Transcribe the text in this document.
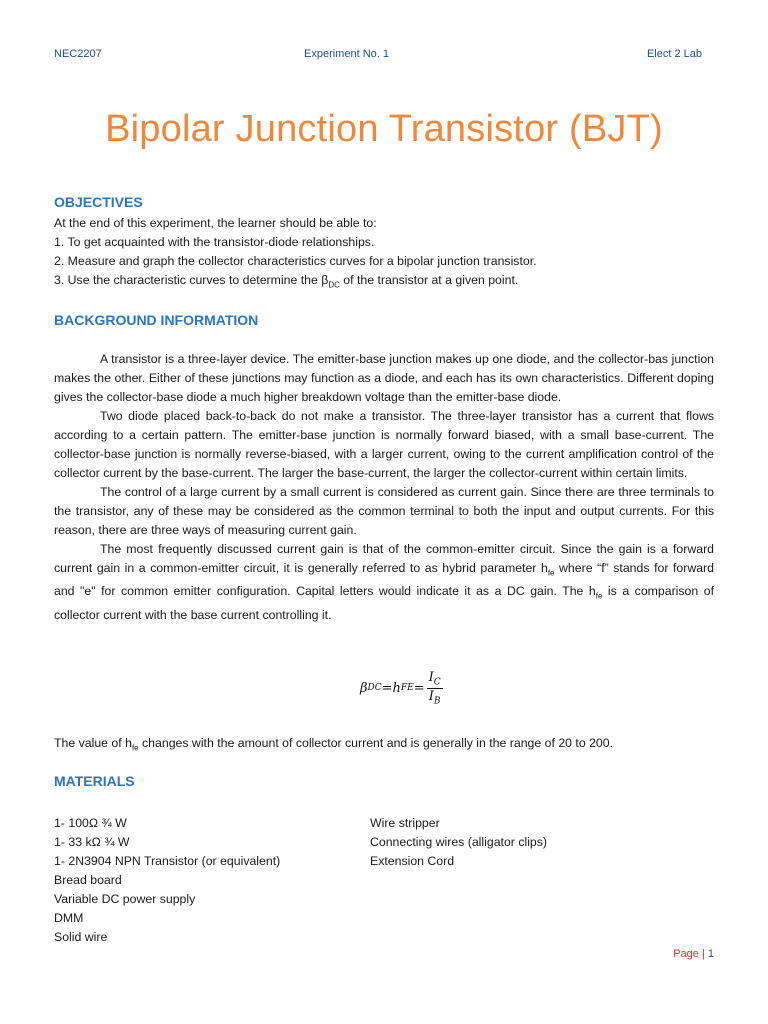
NEC2207	Experiment No. 1	Elect 2 Lab
Bipolar Junction Transistor (BJT)
OBJECTIVES
At the end of this experiment, the learner should be able to:
1. To get acquainted with the transistor-diode relationships.
2. Measure and graph the collector characteristics curves for a bipolar junction transistor.
3. Use the characteristic curves to determine the $\beta_{DC}$ of the transistor at a given point.
BACKGROUND INFORMATION

A transistor is a three-layer device. The emitter-base junction makes up one diode, and the collector-bas junction makes the other. Either of these junctions may function as a diode, and each has its own characteristics. Different doping gives the collector-base diode a much higher breakdown voltage than the emitter-base diode.

Two diode placed back-to-back do not make a transistor. The three-layer transistor has a current that flows according to a certain pattern. The emitter-base junction is normally forward biased, with a small base-current. The collector-base junction is normally reverse-biased, with a larger current, owing to the current amplification control of the collector current by the base-current. The larger the base-current, the larger the collector-current within certain limits.

The control of a large current by a small current is considered as current gain. Since there are three terminals to the transistor, any of these may be considered as the common terminal to both the input and output currents. For this reason, there are three ways of measuring current gain.

The most frequently discussed current gain is that of the common-emitter circuit. Since the gain is a forward current gain in a common-emitter circuit, it is generally referred to as hybrid parameter $h_{fe}$ where “f” stands for forward and "e" for common emitter configuration. Capital letters would indicate it as a DC gain. The $h_{fe}$ is a comparison of collector current with the base current controlling it.

β DC = h FE = $\frac{I_C}{I_B}$
The value of $h_{fe}$ changes with the amount of collector current and is generally in the range of 20 to 200.
MATERIALS
1- 100Ω ¾ W
1- 33 kΩ ¾ W
1- 2N3904 NPN Transistor (or equivalent)
Bread board
Variable DC power supply
DMM
Solid wire
Wire stripper
Connecting wires (alligator clips)
Extension Cord
Page | 1
